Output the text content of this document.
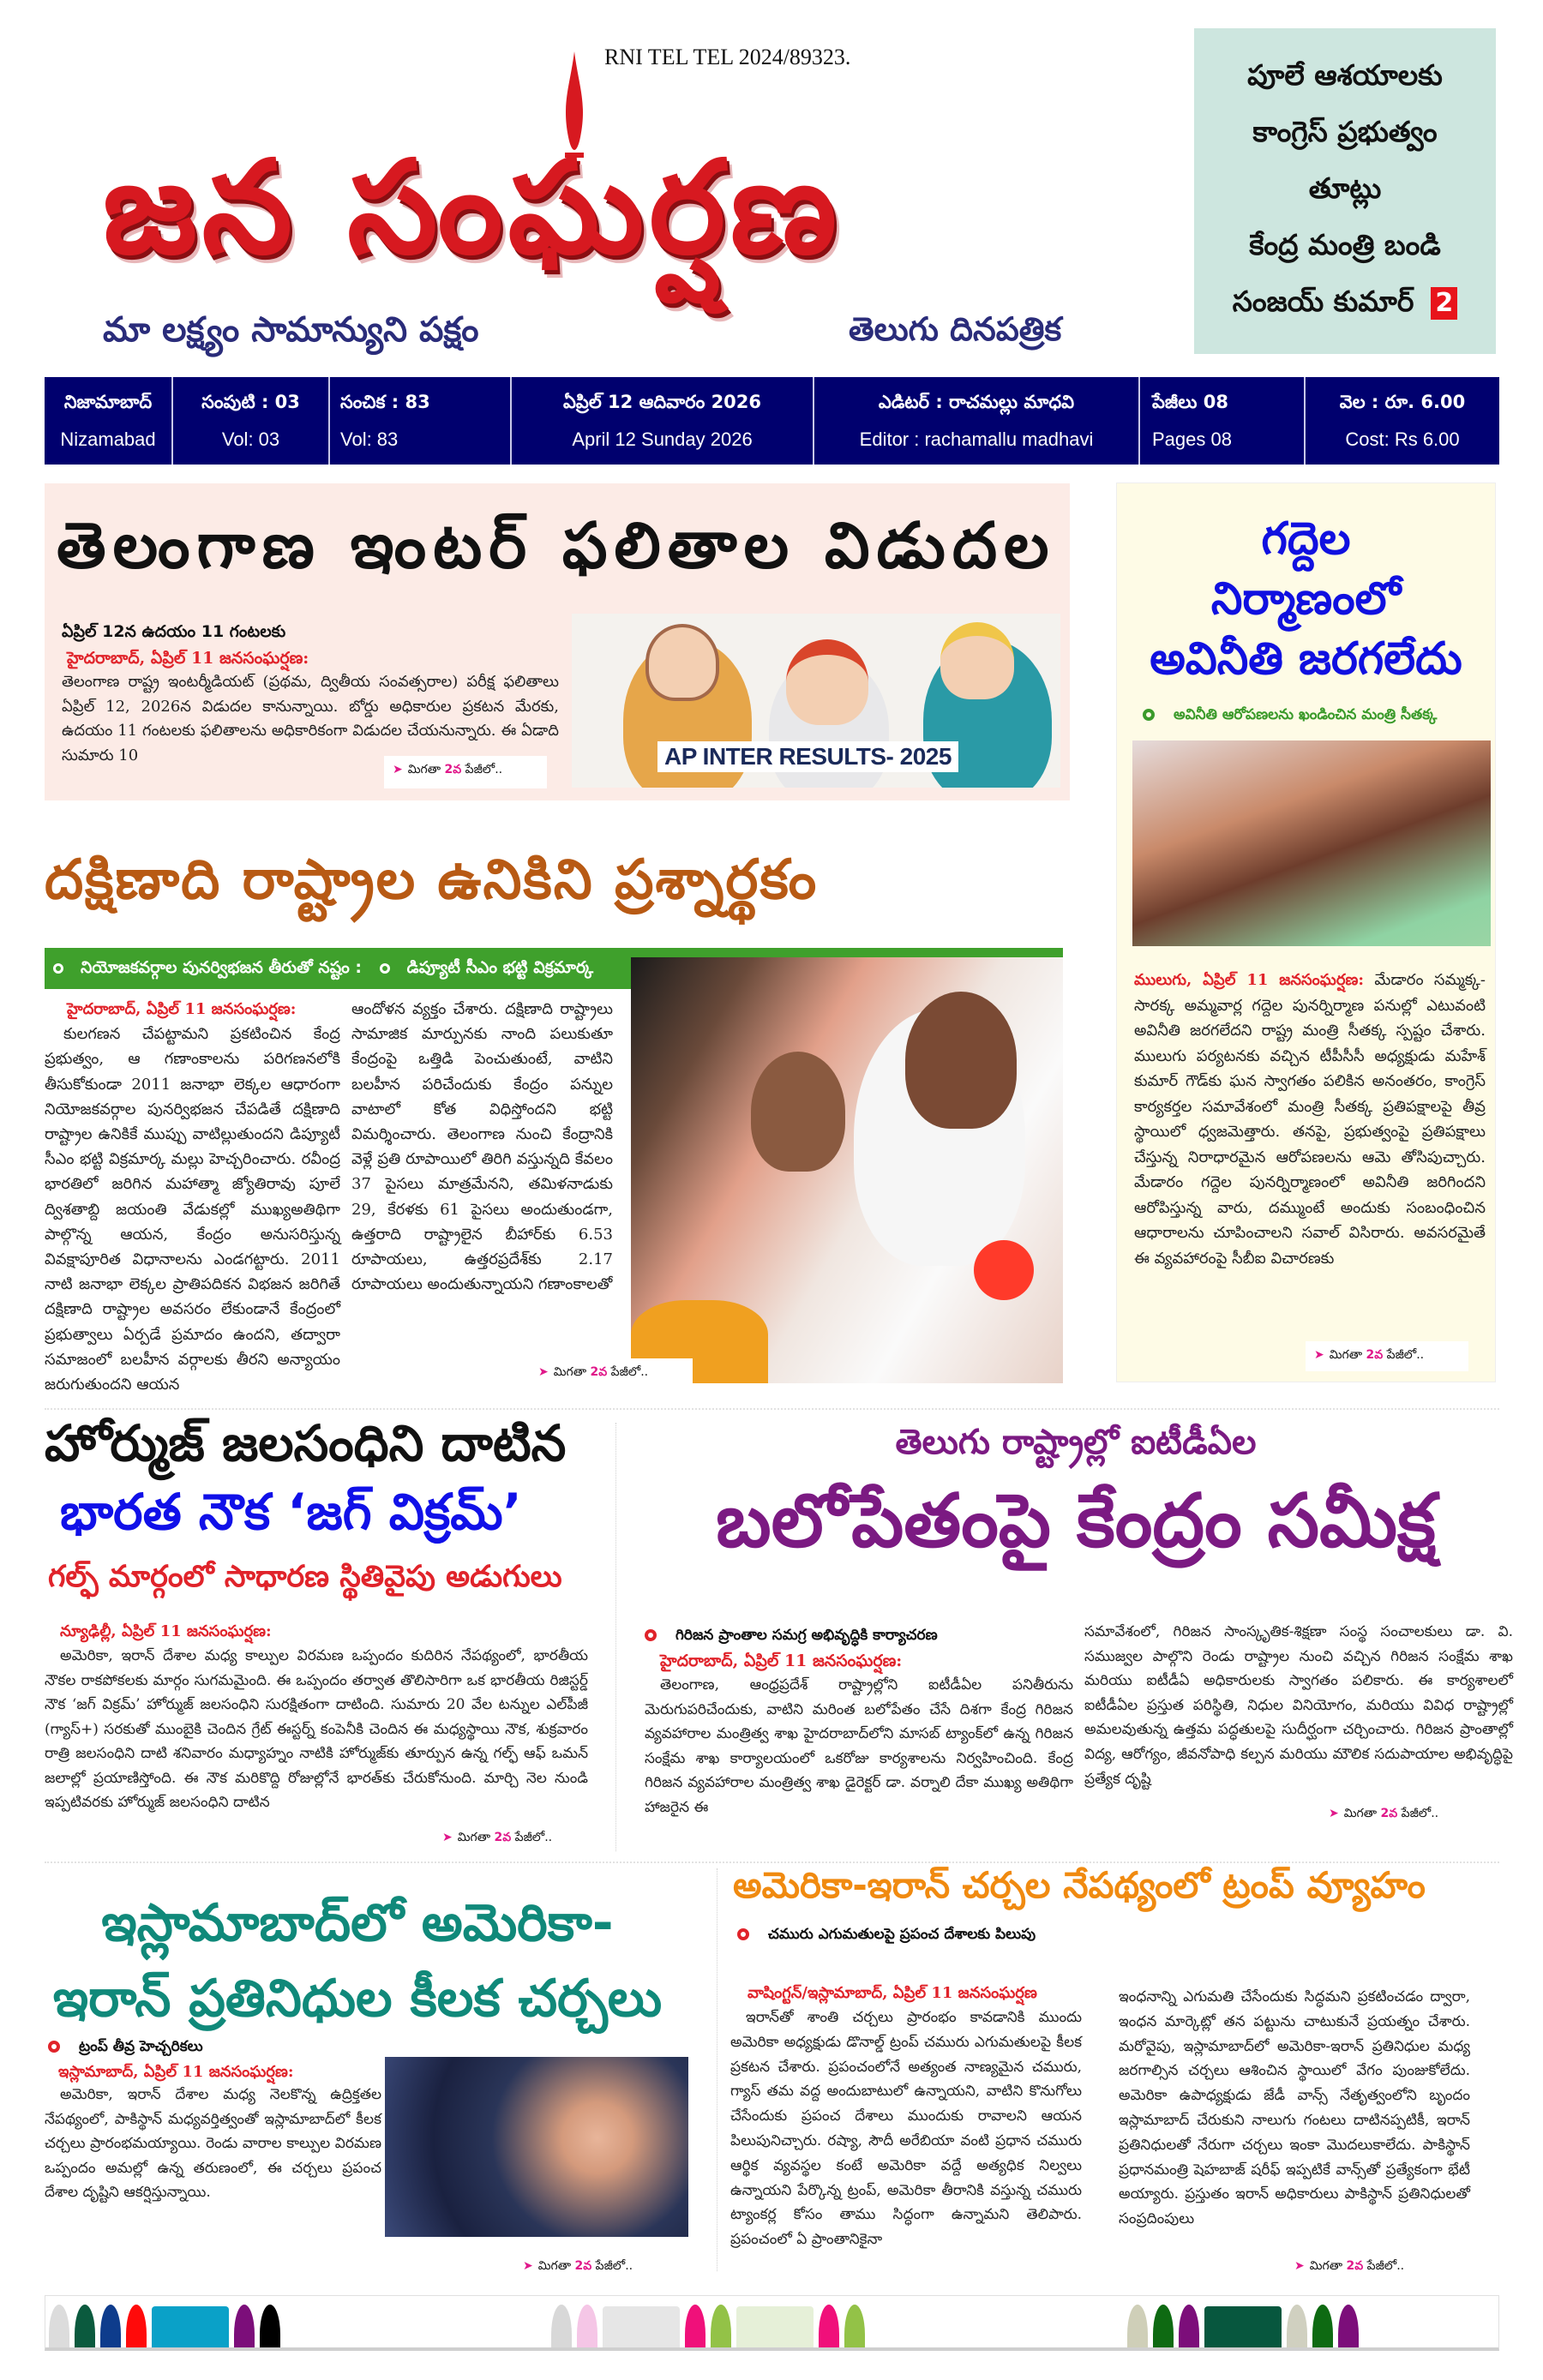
RNI TEL TEL 2024/89323.
జన సంఘర్షణ
మా లక్ష్యం సామాన్యుని పక్షం	తెలుగు దినపత్రిక
పూలే ఆశయాలకు
కాంగ్రెస్ ప్రభుత్వం
తూట్లు
కేంద్ర మంత్రి బండి
సంజయ్ కుమార్ 2
నిజామాబాద్
Nizamabad
సంపుటి : 03
Vol: 03
సంచిక : 83
Vol: 83
ఏప్రిల్ 12 ఆదివారం 2026
April 12 Sunday 2026
ఎడిటర్ : రాచమల్లు మాధవి
Editor : rachamallu madhavi
పేజీలు 08
Pages 08
వెల : రూ. 6.00
Cost: Rs 6.00
తెలంగాణ ఇంటర్ ఫలితాల విడుదల
ఏప్రిల్ 12న ఉదయం 11 గంటలకు
హైదరాబాద్, ఏప్రిల్ 11 జనసంఘర్షణ:
తెలంగాణ రాష్ట్ర ఇంటర్మీడియట్ (ప్రథమ, ద్వితీయ సంవత్సరాల) పరీక్ష ఫలితాలు ఏప్రిల్ 12, 2026న విడుదల కానున్నాయి. బోర్డు అధికారుల ప్రకటన మేరకు, ఉదయం 11 గంటలకు ఫలితాలను అధికారికంగా విడుదల చేయనున్నారు. ఈ ఏడాది సుమారు 10
➤ మిగతా 2వ పేజీలో..	AP INTER RESULTS- 2025
గద్దెల
నిర్మాణంలో
అవినీతి జరగలేదు
అవినీతి ఆరోపణలను ఖండించిన మంత్రి సీతక్క
ములుగు, ఏప్రిల్ 11 జనసంఘర్షణ: మేడారం సమ్మక్క-సారక్క అమ్మవార్ల గద్దెల పునర్నిర్మాణ పనుల్లో ఎటువంటి అవినీతి జరగలేదని రాష్ట్ర మంత్రి సీతక్క స్పష్టం చేశారు. ములుగు పర్యటనకు వచ్చిన టీపీసీసీ అధ్యక్షుడు మహేశ్ కుమార్ గౌడ్‌కు ఘన స్వాగతం పలికిన అనంతరం, కాంగ్రెస్ కార్యకర్తల సమావేశంలో మంత్రి సీతక్క ప్రతిపక్షాలపై తీవ్ర స్థాయిలో ధ్వజమెత్తారు. తనపై, ప్రభుత్వంపై ప్రతిపక్షాలు చేస్తున్న నిరాధారమైన ఆరోపణలను ఆమె తోసిపుచ్చారు. మేడారం గద్దెల పునర్నిర్మాణంలో అవినీతి జరిగిందని ఆరోపిస్తున్న వారు, దమ్ముంటే అందుకు సంబంధించిన ఆధారాలను చూపించాలని సవాల్ విసిరారు. అవసరమైతే ఈ వ్యవహారంపై సీబీఐ విచారణకు
➤ మిగతా 2వ పేజీలో..
దక్షిణాది రాష్ట్రాల ఉనికిని ప్రశ్నార్థకం
నియోజకవర్గాల పునర్విభజన తీరుతో నష్టం :	డిప్యూటీ సీఎం భట్టి విక్రమార్క
హైదరాబాద్, ఏప్రిల్ 11 జనసంఘర్షణ:
కులగణన చేపట్టామని ప్రకటించిన కేంద్ర ప్రభుత్వం, ఆ గణాంకాలను పరిగణనలోకి తీసుకోకుండా 2011 జనాభా లెక్కల ఆధారంగా నియోజకవర్గాల పునర్విభజన చేపడితే దక్షిణాది రాష్ట్రాల ఉనికికే ముప్పు వాటిల్లుతుందని డిప్యూటీ సీఎం భట్టి విక్రమార్క మల్లు హెచ్చరించారు. రవీంద్ర భారతిలో జరిగిన మహాత్మా జ్యోతిరావు పూలే ద్విశతాబ్ది జయంతి వేడుకల్లో ముఖ్యఅతిథిగా పాల్గొన్న ఆయన, కేంద్రం అనుసరిస్తున్న వివక్షాపూరిత విధానాలను ఎండగట్టారు. 2011 నాటి జనాభా లెక్కల ప్రాతిపదికన విభజన జరిగితే దక్షిణాది రాష్ట్రాల అవసరం లేకుండానే కేంద్రంలో ప్రభుత్వాలు ఏర్పడే ప్రమాదం ఉందని, తద్వారా సమాజంలో బలహీన వర్గాలకు తీరని అన్యాయం జరుగుతుందని ఆయన
ఆందోళన వ్యక్తం చేశారు. దక్షిణాది రాష్ట్రాలు సామాజిక మార్పునకు నాంది పలుకుతూ కేంద్రంపై ఒత్తిడి పెంచుతుంటే, వాటిని బలహీన పరిచేందుకు కేంద్రం పన్నుల వాటాలో కోత విధిస్తోందని భట్టి విమర్శించారు. తెలంగాణ నుంచి కేంద్రానికి వెళ్లే ప్రతి రూపాయిలో తిరిగి వస్తున్నది కేవలం 37 పైసలు మాత్రమేనని, తమిళనాడుకు 29, కేరళకు 61 పైసలు అందుతుండగా, ఉత్తరాది రాష్ట్రాలైన బీహార్‌కు 6.53 రూపాయలు, ఉత్తరప్రదేశ్‌కు 2.17 రూపాయలు అందుతున్నాయని గణాంకాలతో
➤ మిగతా 2వ పేజీలో..
హోర్ముజ్ జలసంధిని దాటిన
భారత నౌక ‘జగ్ విక్రమ్’
గల్ఫ్ మార్గంలో సాధారణ స్థితివైపు అడుగులు
న్యూఢిల్లీ, ఏప్రిల్ 11 జనసంఘర్షణ:
అమెరికా, ఇరాన్ దేశాల మధ్య కాల్పుల విరమణ ఒప్పందం కుదిరిన నేపథ్యంలో, భారతీయ నౌకల రాకపోకలకు మార్గం సుగమమైంది. ఈ ఒప్పందం తర్వాత తొలిసారిగా ఒక భారతీయ రిజిస్టర్డ్ నౌక ‘జగ్ విక్రమ్’ హోర్ముజ్ జలసంధిని సురక్షితంగా దాటింది. సుమారు 20 వేల టన్నుల ఎల్‌పీజీ (గ్యాస్+) సరకుతో ముంబైకి చెందిన గ్రేట్ ఈస్టర్న్ కంపెనీకి చెందిన ఈ మధ్యస్థాయి నౌక, శుక్రవారం రాత్రి జలసంధిని దాటి శనివారం మధ్యాహ్నం నాటికి హోర్ముజ్‌కు తూర్పున ఉన్న గల్ఫ్ ఆఫ్ ఒమన్ జలాల్లో ప్రయాణిస్తోంది. ఈ నౌక మరికొద్ది రోజుల్లోనే భారత్‌కు చేరుకోనుంది. మార్చి నెల నుండి ఇప్పటివరకు హోర్ముజ్ జలసంధిని దాటిన
➤ మిగతా 2వ పేజీలో..
తెలుగు రాష్ట్రాల్లో ఐటీడీఏల
బలోపేతంపై కేంద్రం సమీక్ష
గిరిజన ప్రాంతాల సమగ్ర అభివృద్ధికి కార్యాచరణ
హైదరాబాద్, ఏప్రిల్ 11 జనసంఘర్షణ:
తెలంగాణ, ఆంధ్రప్రదేశ్ రాష్ట్రాల్లోని ఐటీడీఏల పనితీరును మెరుగుపరిచేందుకు, వాటిని మరింత బలోపేతం చేసే దిశగా కేంద్ర గిరిజన వ్యవహారాల మంత్రిత్వ శాఖ హైదరాబాద్‌లోని మాసబ్ ట్యాంక్‌లో ఉన్న గిరిజన సంక్షేమ శాఖ కార్యాలయంలో ఒకరోజు కార్యశాలను నిర్వహించింది. కేంద్ర గిరిజన వ్యవహారాల మంత్రిత్వ శాఖ డైరెక్టర్ డా. వర్నాలి దేకా ముఖ్య అతిథిగా హాజరైన ఈ
సమావేశంలో, గిరిజన సాంస్కృతిక-శిక్షణా సంస్థ సంచాలకులు డా. వి. సముజ్వల పాల్గొని రెండు రాష్ట్రాల నుంచి వచ్చిన గిరిజన సంక్షేమ శాఖ మరియు ఐటీడీఏ అధికారులకు స్వాగతం పలికారు. ఈ కార్యశాలలో ఐటీడీఏల ప్రస్తుత పరిస్థితి, నిధుల వినియోగం, మరియు వివిధ రాష్ట్రాల్లో అమలవుతున్న ఉత్తమ పద్ధతులపై సుదీర్ఘంగా చర్చించారు. గిరిజన ప్రాంతాల్లో విద్య, ఆరోగ్యం, జీవనోపాధి కల్పన మరియు మౌలిక సదుపాయాల అభివృద్ధిపై ప్రత్యేక దృష్టి
➤ మిగతా 2వ పేజీలో..
ఇస్లామాబాద్‌లో అమెరికా-ఇరాన్ ప్రతినిధుల కీలక చర్చలు
ట్రంప్ తీవ్ర హెచ్చరికలు
ఇస్లామాబాద్, ఏప్రిల్ 11 జనసంఘర్షణ:
అమెరికా, ఇరాన్ దేశాల మధ్య నెలకొన్న ఉద్రిక్తతల నేపథ్యంలో, పాకిస్థాన్ మధ్యవర్తిత్వంతో ఇస్లామాబాద్‌లో కీలక చర్చలు ప్రారంభమయ్యాయి. రెండు వారాల కాల్పుల విరమణ ఒప్పందం అమల్లో ఉన్న తరుణంలో, ఈ చర్చలు ప్రపంచ దేశాల దృష్టిని ఆకర్షిస్తున్నాయి.
➤ మిగతా 2వ పేజీలో..
అమెరికా-ఇరాన్ చర్చల నేపథ్యంలో ట్రంప్ వ్యూహం
చమురు ఎగుమతులపై ప్రపంచ దేశాలకు పిలుపు
వాషింగ్టన్/ఇస్లామాబాద్, ఏప్రిల్ 11 జనసంఘర్షణ
ఇరాన్‌తో శాంతి చర్చలు ప్రారంభం కావడానికి ముందు అమెరికా అధ్యక్షుడు డొనాల్డ్ ట్రంప్ చమురు ఎగుమతులపై కీలక ప్రకటన చేశారు. ప్రపంచంలోనే అత్యంత నాణ్యమైన చమురు, గ్యాస్ తమ వద్ద అందుబాటులో ఉన్నాయని, వాటిని కొనుగోలు చేసేందుకు ప్రపంచ దేశాలు ముందుకు రావాలని ఆయన పిలుపునిచ్చారు. రష్యా, సౌదీ అరేబియా వంటి ప్రధాన చమురు ఆర్థిక వ్యవస్థల కంటే అమెరికా వద్దే అత్యధిక నిల్వలు ఉన్నాయని పేర్కొన్న ట్రంప్, అమెరికా తీరానికి వస్తున్న చమురు ట్యాంకర్ల కోసం తాము సిద్ధంగా ఉన్నామని తెలిపారు. ప్రపంచంలో ఏ ప్రాంతానికైనా
ఇంధనాన్ని ఎగుమతి చేసేందుకు సిద్ధమని ప్రకటించడం ద్వారా, ఇంధన మార్కెట్లో తన పట్టును చాటుకునే ప్రయత్నం చేశారు. మరోవైపు, ఇస్లామాబాద్‌లో అమెరికా-ఇరాన్ ప్రతినిధుల మధ్య జరగాల్సిన చర్చలు ఆశించిన స్థాయిలో వేగం పుంజుకోలేదు. అమెరికా ఉపాధ్యక్షుడు జేడీ వాన్స్ నేతృత్వంలోని బృందం ఇస్లామాబాద్ చేరుకుని నాలుగు గంటలు దాటినప్పటికీ, ఇరాన్ ప్రతినిధులతో నేరుగా చర్చలు ఇంకా మొదలుకాలేదు. పాకిస్థాన్ ప్రధానమంత్రి షెహబాజ్ షరీఫ్ ఇప్పటికే వాన్స్‌తో ప్రత్యేకంగా భేటీ అయ్యారు. ప్రస్తుతం ఇరాన్ అధికారులు పాకిస్థాన్ ప్రతినిధులతో సంప్రదింపులు
➤ మిగతా 2వ పేజీలో..
